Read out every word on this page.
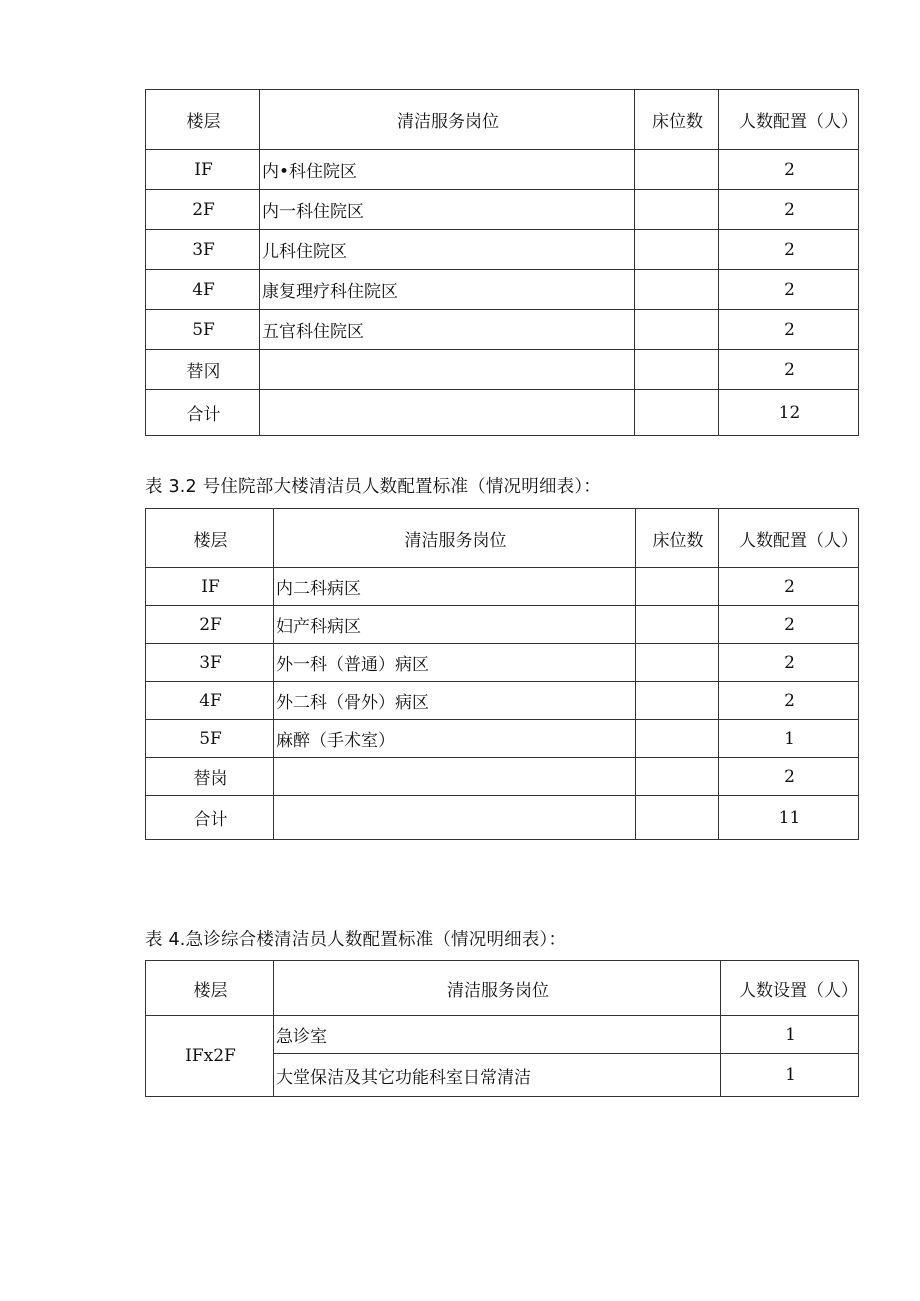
楼层	清洁服务岗位	床位数	人数配置（人）
IF	内•科住院区		2
2F	内一科住院区		2
3F	儿科住院区		2
4F	康复理疗科住院区		2
5F	五官科住院区		2
替冈			2
合计			12
表 3.2 号住院部大楼清洁员人数配置标准（情况明细表）：
楼层	清洁服务岗位	床位数	人数配置（人）
IF	内二科病区		2
2F	妇产科病区		2
3F	外一科（普通）病区		2
4F	外二科（骨外）病区		2
5F	麻醉（手术室）		1
替岗			2
合计			11
表 4.急诊综合楼清洁员人数配置标准（情况明细表）：
楼层	清洁服务岗位	人数设置（人）
IFx2F	急诊室	1
	大堂保洁及其它功能科室日常清洁	1
